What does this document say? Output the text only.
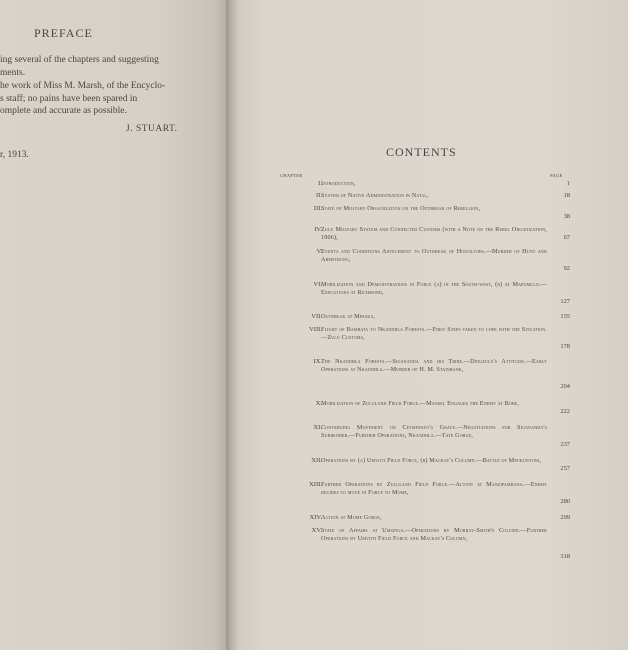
PREFACE
ing several of the chapters and suggesting
ments.
he work of Miss M. Marsh, of the Encyclo-
s staff; no pains have been spared in
omplete and accurate as possible.
J. STUART.
r, 1913.	CONTENTS
CHAPTER	PAGE
I. Introduction,	1
II. System of Native Administration in Natal,	18
III. State of Military Organization on the Outbreak of Rebellion,
38
IV. Zulu Military System and Connected Customs (with a Note on the Rebel Organization, 1906),	67
V. Events and Conditions Antecedent to Outbreak of Hostilities.—Murder of Hunt and Armstrong,
92
VI. Mobilization and Demonstrations in Force (a) in the South-west, (b) at Mapumulo.—Executions at Richmond,
127
VII. Outbreak at Mpanza,	155
VIII. Flight of Bambata to Nkandhla Forests.—First Steps taken to cope with the Situation.—Zulu Customs,
178
IX. The Nkandhla Forests.—Sigananda and his Tribe.—Dinuzulu's Attitude.—Early Operations at Nkandhla.—Murder of H. M. Stainbank,
204
X. Mobilization of Zululand Field Force.—Mansel Engages the Enemy at Bobe,
222
XI. Converging Movement on Cetshwayo's Grave.—Negotiations for Sigananda's Surrender.—Further Operations, Nkandhla.—Tate Gorge,
237
XII. Operations by (a) Umvoti Field Force, (b) Mackay's Column.—Battle of Mpukunyoni,
257
XIII. Further Operations by Zululand Field Force.—Action at Manzipambana.—Enemy decides to move in Force to Mome,
280
XIV. Action at Mome Gorge,	299
XV. State of Affairs at Umsinga.—Operations by Murray-Smith's Column.—Further Operations by Umvoti Field Force and Mackay's Column,
318
